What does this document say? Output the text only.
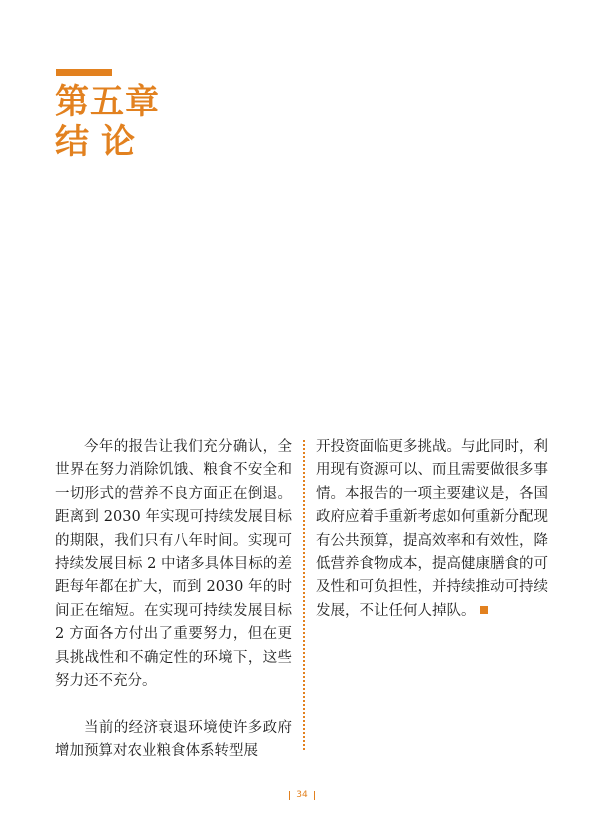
第五章
结论

今年的报告让我们充分确认，全世界在努力消除饥饿、粮食不安全和一切形式的营养不良方面正在倒退。距离到 2030 年实现可持续发展目标的期限，我们只有八年时间。实现可持续发展目标 2 中诸多具体目标的差距每年都在扩大，而到 2030 年的时间正在缩短。在实现可持续发展目标 2 方面各方付出了重要努力，但在更具挑战性和不确定性的环境下，这些努力还不充分。

当前的经济衰退环境使许多政府增加预算对农业粮食体系转型展

开投资面临更多挑战。与此同时，利用现有资源可以、而且需要做很多事情。本报告的一项主要建议是，各国政府应着手重新考虑如何重新分配现有公共预算，提高效率和有效性，降低营养食物成本，提高健康膳食的可及性和可负担性，并持续推动可持续发展，不让任何人掉队。

34
